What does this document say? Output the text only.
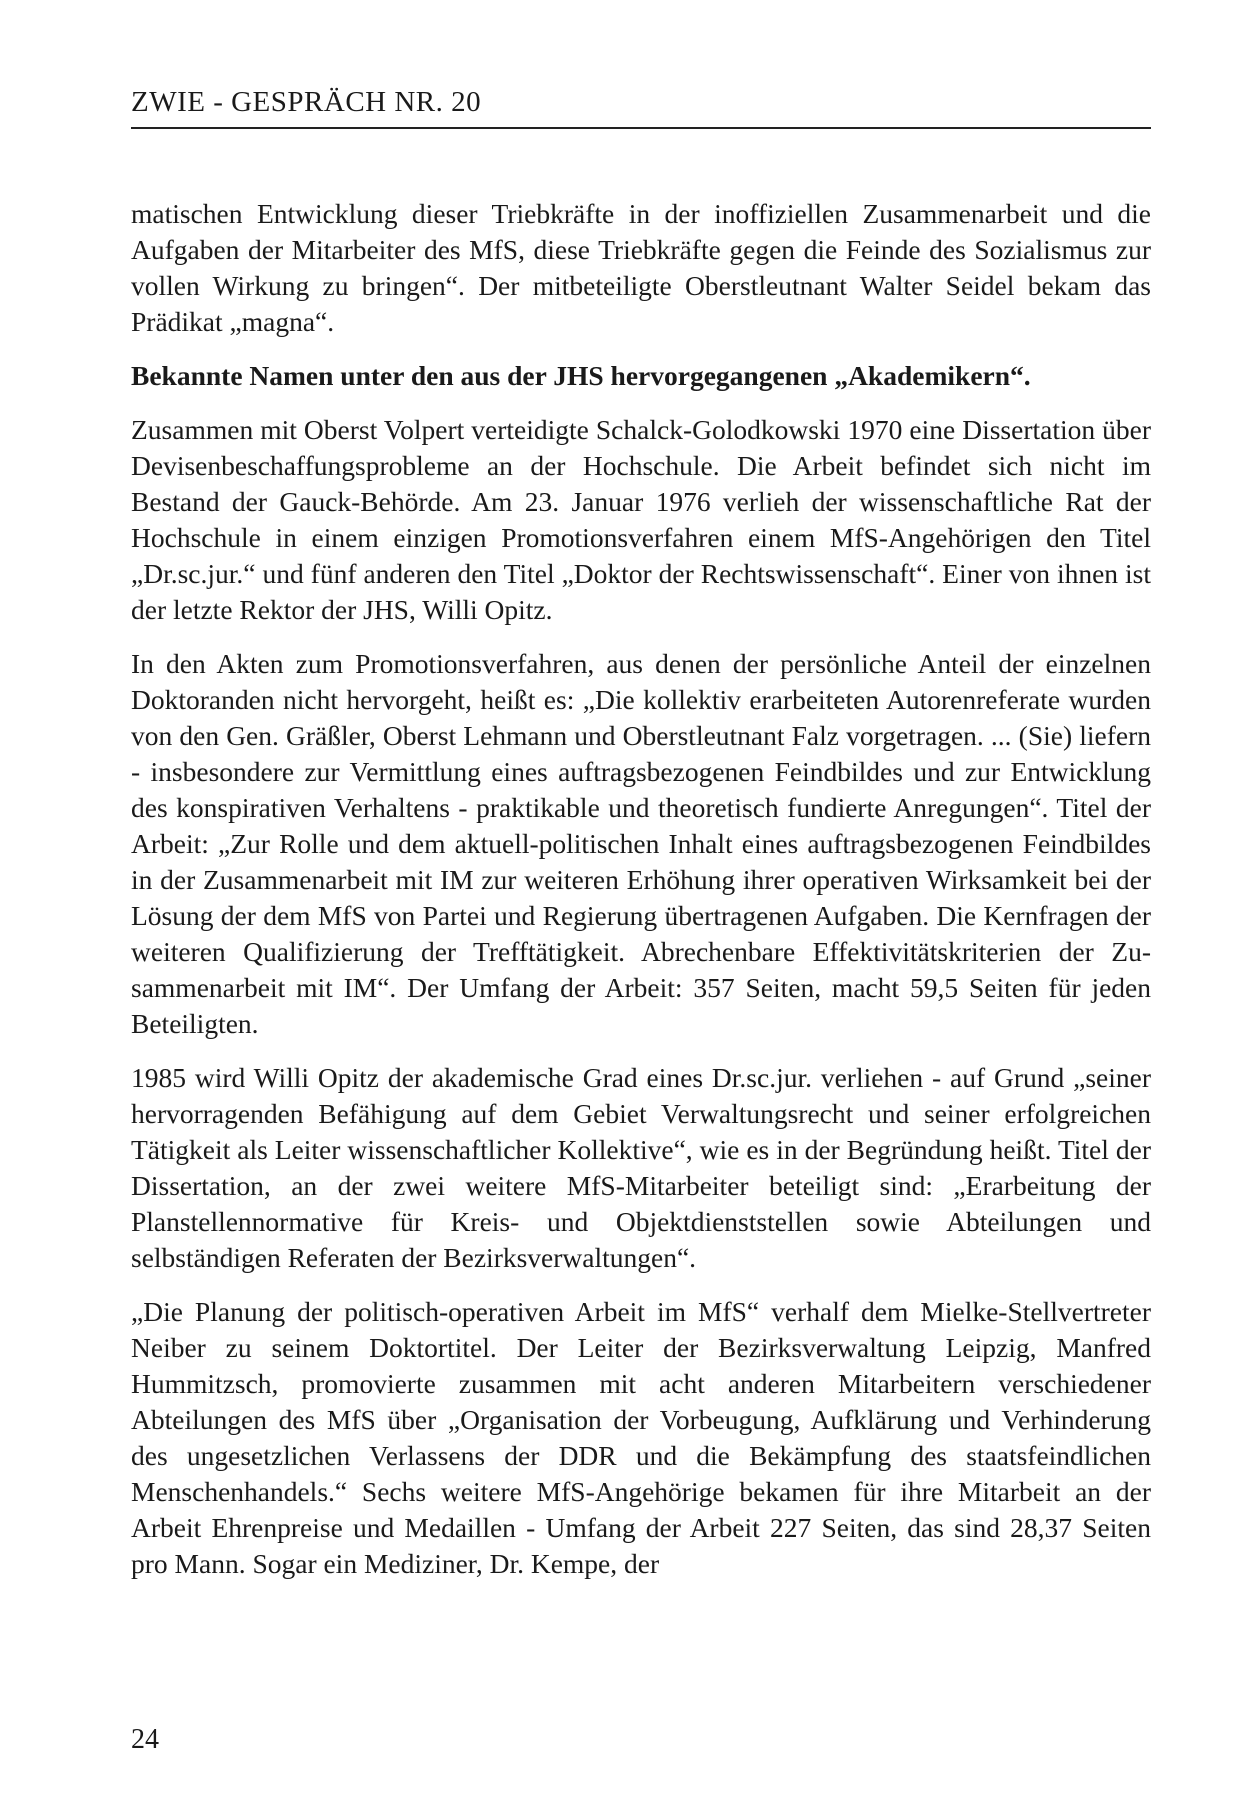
ZWIE - GESPRÄCH NR. 20

matischen Entwicklung dieser Triebkräfte in der inoffiziellen Zusammenarbeit und die Aufgaben der Mitarbeiter des MfS, diese Triebkräfte gegen die Feinde des Sozialismus zur vollen Wirkung zu bringen“. Der mitbeteiligte Oberstleutnant Walter Seidel bekam das Prädikat „magna“.

Bekannte Namen unter den aus der JHS hervorgegangenen „Akademikern“.

Zusammen mit Oberst Volpert verteidigte Schalck-Golodkowski 1970 eine Dissertation über Devisenbeschaffungsprobleme an der Hochschule. Die Arbeit befindet sich nicht im Bestand der Gauck-Behörde. Am 23. Januar 1976 verlieh der wissenschaftliche Rat der Hochschule in einem einzigen Promotionsverfahren einem MfS-Angehörigen den Titel „Dr.sc.jur.“ und fünf anderen den Titel „Doktor der Rechtswissenschaft“. Einer von ihnen ist der letzte Rektor der JHS, Willi Opitz.

In den Akten zum Promotionsverfahren, aus denen der persönliche Anteil der einzelnen Doktoranden nicht hervorgeht, heißt es: „Die kollektiv erarbeiteten Autorenreferate wurden von den Gen. Gräßler, Oberst Lehmann und Oberstleutnant Falz vorgetragen. ... (Sie) liefern - insbesondere zur Vermittlung eines auftragsbezogenen Feindbildes und zur Entwicklung des konspirativen Verhaltens - praktikable und theoretisch fundierte Anregungen“. Titel der Arbeit: „Zur Rolle und dem aktuell-politischen Inhalt eines auftragsbezogenen Feindbildes in der Zusammenarbeit mit IM zur weiteren Erhöhung ihrer operativen Wirksamkeit bei der Lösung der dem MfS von Partei und Regierung übertragenen Aufgaben. Die Kernfragen der weiteren Qualifizierung der Trefftätigkeit. Abrechenbare Effektivitätskriterien der Zusammenarbeit mit IM“. Der Umfang der Arbeit: 357 Seiten, macht 59,5 Seiten für jeden Beteiligten.

1985 wird Willi Opitz der akademische Grad eines Dr.sc.jur. verliehen - auf Grund „seiner hervorragenden Befähigung auf dem Gebiet Verwaltungsrecht und seiner erfolgreichen Tätigkeit als Leiter wissenschaftlicher Kollektive“, wie es in der Begründung heißt. Titel der Dissertation, an der zwei weitere MfS-Mitarbeiter beteiligt sind: „Erarbeitung der Planstellennormative für Kreis- und Objektdienststellen sowie Abteilungen und selbständigen Referaten der Bezirksverwaltungen“.

„Die Planung der politisch-operativen Arbeit im MfS“ verhalf dem Mielke-Stellvertreter Neiber zu seinem Doktortitel. Der Leiter der Bezirksverwaltung Leipzig, Manfred Hummitzsch, promovierte zusammen mit acht anderen Mitarbeitern verschiedener Abteilungen des MfS über „Organisation der Vorbeugung, Aufklärung und Verhinderung des ungesetzlichen Verlassens der DDR und die Bekämpfung des staatsfeindlichen Menschenhandels.“ Sechs weitere MfS-Angehörige bekamen für ihre Mitarbeit an der Arbeit Ehrenpreise und Medaillen - Umfang der Arbeit 227 Seiten, das sind 28,37 Seiten pro Mann. Sogar ein Mediziner, Dr. Kempe, der

24
